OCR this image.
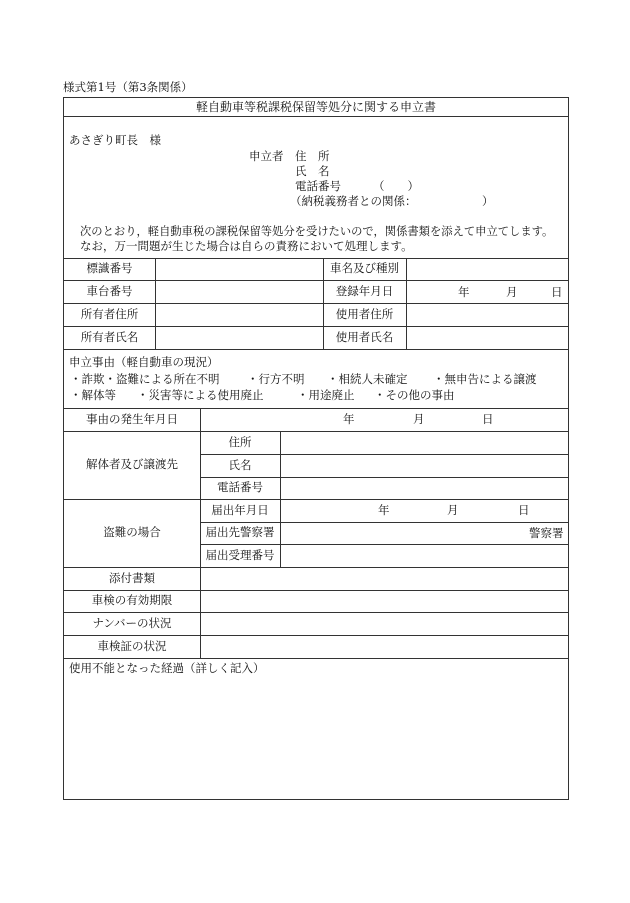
様式第1号（第3条関係）
軽自動車等税課税保留等処分に関する申立書
あさぎり町長　様
申立者 住　所
氏　名
電話番号	（　　）
（納税義務者との関係：	）
次のとおり，軽自動車税の課税保留等処分を受けたいので，関係書類を添えて申立てします。
なお，万一問題が生じた場合は自らの責務において処理します。
標識番号	車名及び種別
車台番号	登録年月日	年	月	日
所有者住所	使用者住所
所有者氏名	使用者氏名
申立事由（軽自動車の現況）
・詐欺・盗難による所在不明 ・行方不明 ・相続人未確定 ・無申告による譲渡
・解体等 ・災害等による使用廃止	・用途廃止 ・その他の事由
事由の発生年月日	年	月	日
解体者及び譲渡先
住所
氏名
電話番号
盗難の場合
届出年月日	年	月	日
届出先警察署	警察署
届出受理番号
添付書類
車検の有効期限
ナンバーの状況
車検証の状況
使用不能となった経過（詳しく記入）
